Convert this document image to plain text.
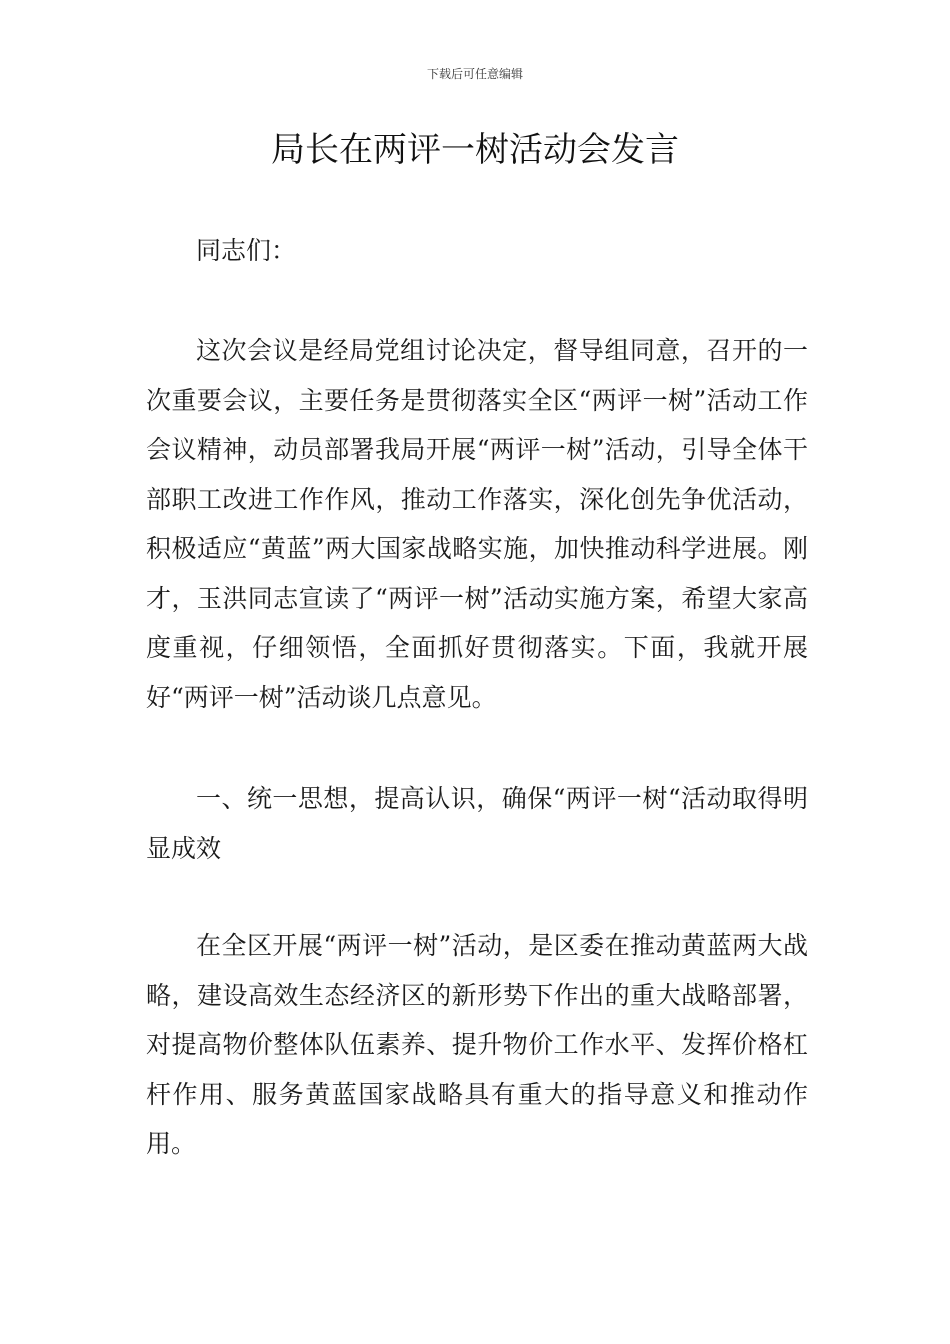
下载后可任意编辑
局长在两评一树活动会发言

同志们：

这次会议是经局党组讨论决定，督导组同意，召开的一次重要会议，主要任务是贯彻落实全区“两评一树”活动工作会议精神，动员部署我局开展“两评一树”活动，引导全体干部职工改进工作作风，推动工作落实，深化创先争优活动，积极适应“黄蓝”两大国家战略实施，加快推动科学进展。刚才，玉洪同志宣读了“两评一树”活动实施方案，希望大家高度重视，仔细领悟，全面抓好贯彻落实。下面，我就开展好“两评一树”活动谈几点意见。

一、统一思想，提高认识，确保“两评一树“活动取得明显成效

在全区开展“两评一树”活动，是区委在推动黄蓝两大战略，建设高效生态经济区的新形势下作出的重大战略部署，对提高物价整体队伍素养、提升物价工作水平、发挥价格杠杆作用、服务黄蓝国家战略具有重大的指导意义和推动作用。
